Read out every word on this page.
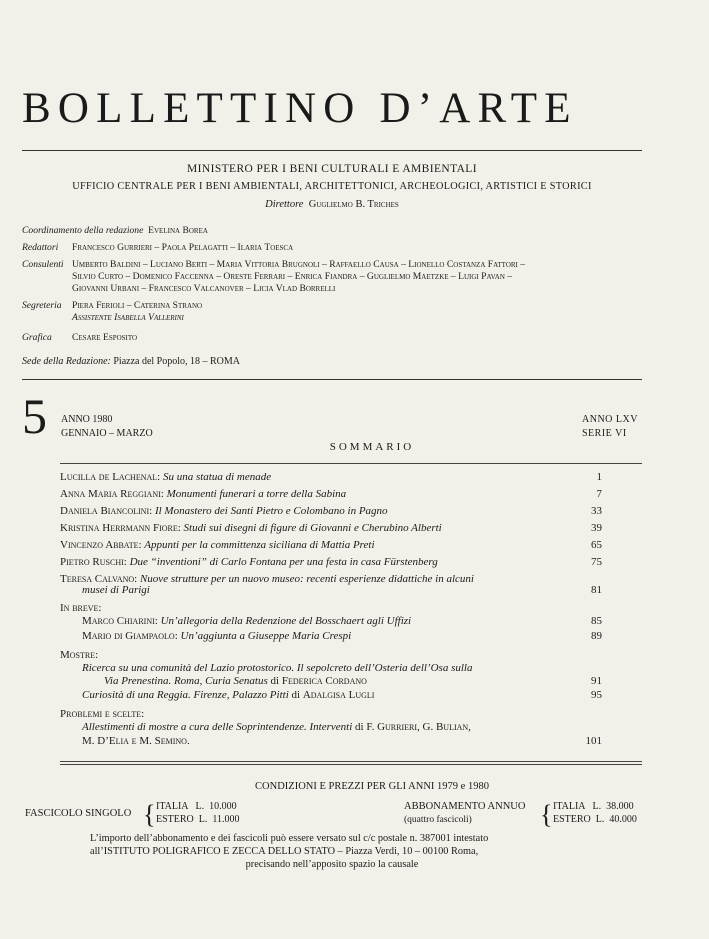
BOLLETTINO D’ARTE
MINISTERO PER I BENI CULTURALI E AMBIENTALI
UFFICIO CENTRALE PER I BENI AMBIENTALI, ARCHITETTONICI, ARCHEOLOGICI, ARTISTICI E STORICI
Direttore Guglielmo B. Triches
Coordinamento della redazione Evelina Borea
Redattori Francesco Gurrieri – Paola Pelagatti – Ilaria Toesca
Consulenti Umberto Baldini – Luciano Berti – Maria Vittoria Brugnoli – Raffaello Causa – Lionello Costanza Fattori –
Silvio Curto – Domenico Faccenna – Oreste Ferrari – Enrica Fiandra – Guglielmo Maetzke – Luigi Pavan –
Giovanni Urbani – Francesco Valcanover – Licia Vlad Borrelli
Segreteria Piera Ferioli – Caterina Strano
Assistente Isabella Vallerini
Grafica Cesare Esposito
Sede della Redazione: Piazza del Popolo, 18 – ROMA
5 ANNO 1980
GENNAIO – MARZO
ANNO LXV
SERIE VI
SOMMARIO
Lucilla de Lachenal: Su una statua di menade	1
Anna Maria Reggiani: Monumenti funerari a torre della Sabina	7
Daniela Biancolini: Il Monastero dei Santi Pietro e Colombano in Pagno	33
Kristina Herrmann Fiore: Studi sui disegni di figure di Giovanni e Cherubino Alberti	39
Vincenzo Abbate: Appunti per la committenza siciliana di Mattia Preti	65
Pietro Ruschi: Due “inventioni” di Carlo Fontana per una festa in casa Fürstenberg	75
Teresa Calvano: Nuove strutture per un nuovo museo: recenti esperienze didattiche in alcuni
musei di Parigi	81
In breve:
Marco Chiarini: Un’allegoria della Redenzione del Bosschaert agli Uffizi	85
Mario di Giampaolo: Un’aggiunta a Giuseppe Maria Crespi	89
Mostre:
Ricerca su una comunità del Lazio protostorico. Il sepolcreto dell’Osteria dell’Osa sulla
Via Prenestina. Roma, Curia Senatus di Federica Cordano	91
Curiosità di una Reggia. Firenze, Palazzo Pitti di Adalgisa Lugli	95
Problemi e scelte:
Allestimenti di mostre a cura delle Soprintendenze. Interventi di F. Gurrieri, G. Bulian,
M. D’Elia e M. Semino.	101
CONDIZIONI E PREZZI PER GLI ANNI 1979 e 1980
FASCICOLO SINGOLO { ITALIA   L.  10.000
ESTERO  L.  11.000
ABBONAMENTO ANNUO
(quattro fascicoli)	{ ITALIA   L.  38.000
ESTERO  L.  40.000
L’importo dell’abbonamento e dei fascicoli può essere versato sul c/c postale n. 387001 intestato
all’ISTITUTO POLIGRAFICO E ZECCA DELLO STATO – Piazza Verdi, 10 – 00100 Roma,
precisando nell’apposito spazio la causale
